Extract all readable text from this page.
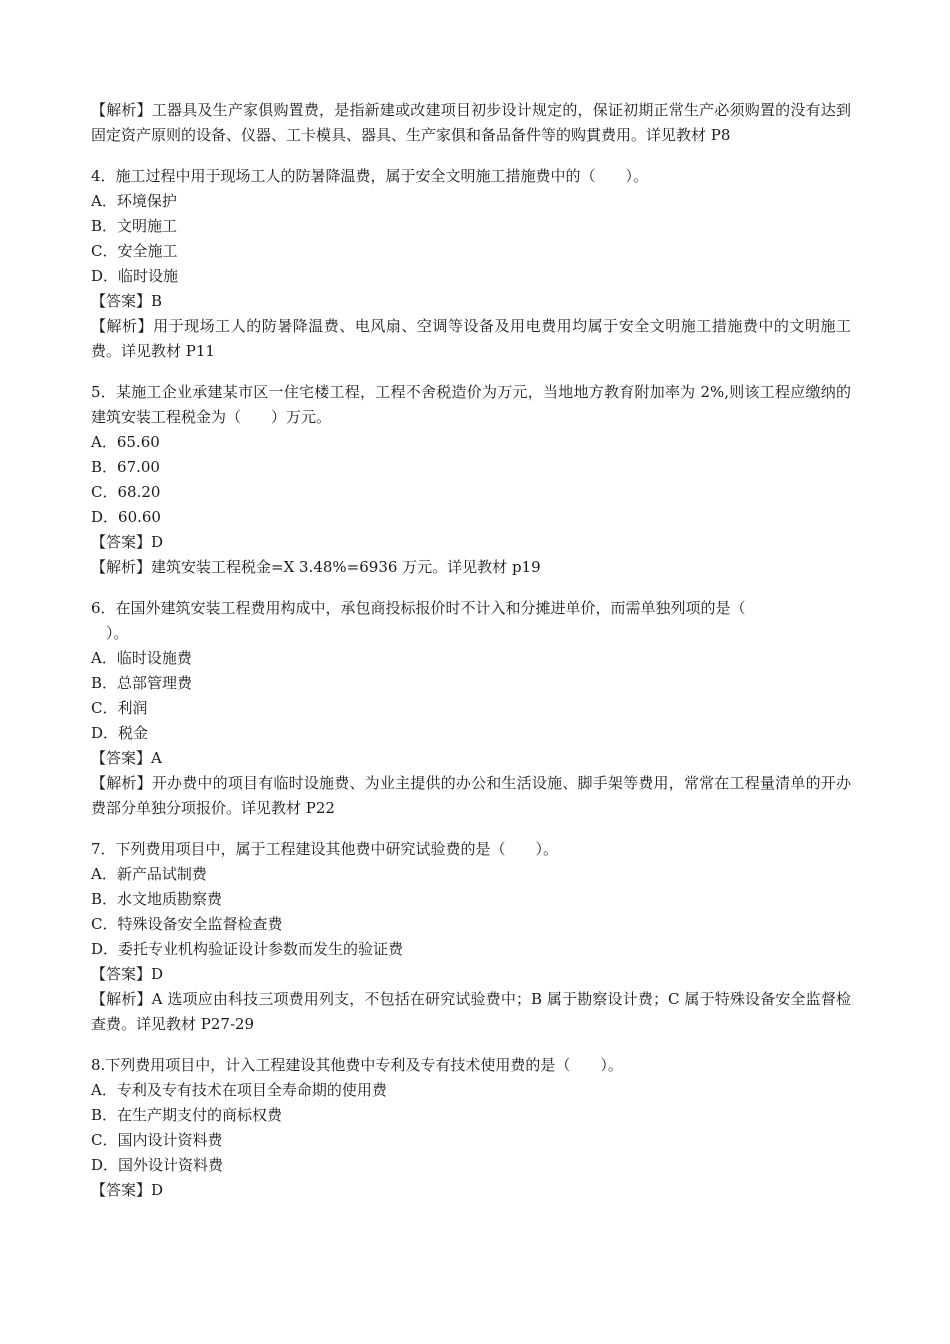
【解析】工器具及生产家俱购置费，是指新建或改建项目初步设计规定的，保证初期正常生产必须购置的没有达到固定资产原则的设备、仪器、工卡模具、器具、生产家俱和备品备件等的购貫费用。详见教材 P8
4．施工过程中用于现场工人的防暑降温费，属于安全文明施工措施费中的（　　）。
A．环境保护
B．文明施工
C．安全施工
D．临时设施
【答案】B
【解析】用于现场工人的防暑降温费、电风扇、空调等设备及用电费用均属于安全文明施工措施费中的文明施工费。详见教材 P11
5．某施工企业承建某市区一住宅楼工程，工程不舍税造价为万元，当地地方教育附加率为 2%,则该工程应缴纳的建筑安装工程税金为（　　）万元。
A．65.60
B．67.00
C．68.20
D．60.60
【答案】D
【解析】建筑安装工程税金=X 3.48%=6936 万元。详见教材 p19
6．在国外建筑安装工程费用构成中，承包商投标报价时不计入和分摊进单价，而需单独列项的是（
）。
A．临时设施费
B．总部管理费
C．利润
D．税金
【答案】A
【解析】开办费中的项目有临时设施费、为业主提供的办公和生活设施、脚手架等费用，常常在工程量清单的开办费部分单独分项报价。详见教材 P22
7．下列费用项目中，属于工程建设其他费中研究试验费的是（　　）。
A．新产品试制费
B．水文地质勘察费
C．特殊设备安全监督检查费
D．委托专业机构验证设计参数而发生的验证费
【答案】D
【解析】A 选项应由科技三项费用列支，不包括在研究试验费中；B 属于勘察设计费；C 属于特殊设备安全监督检查费。详见教材 P27-29
8.下列费用项目中，计入工程建设其他费中专利及专有技术使用费的是（　　）。
A．专利及专有技术在项目全寿命期的使用费
B．在生产期支付的商标权费
C．国内设计资料费
D．国外设计资料费
【答案】D
